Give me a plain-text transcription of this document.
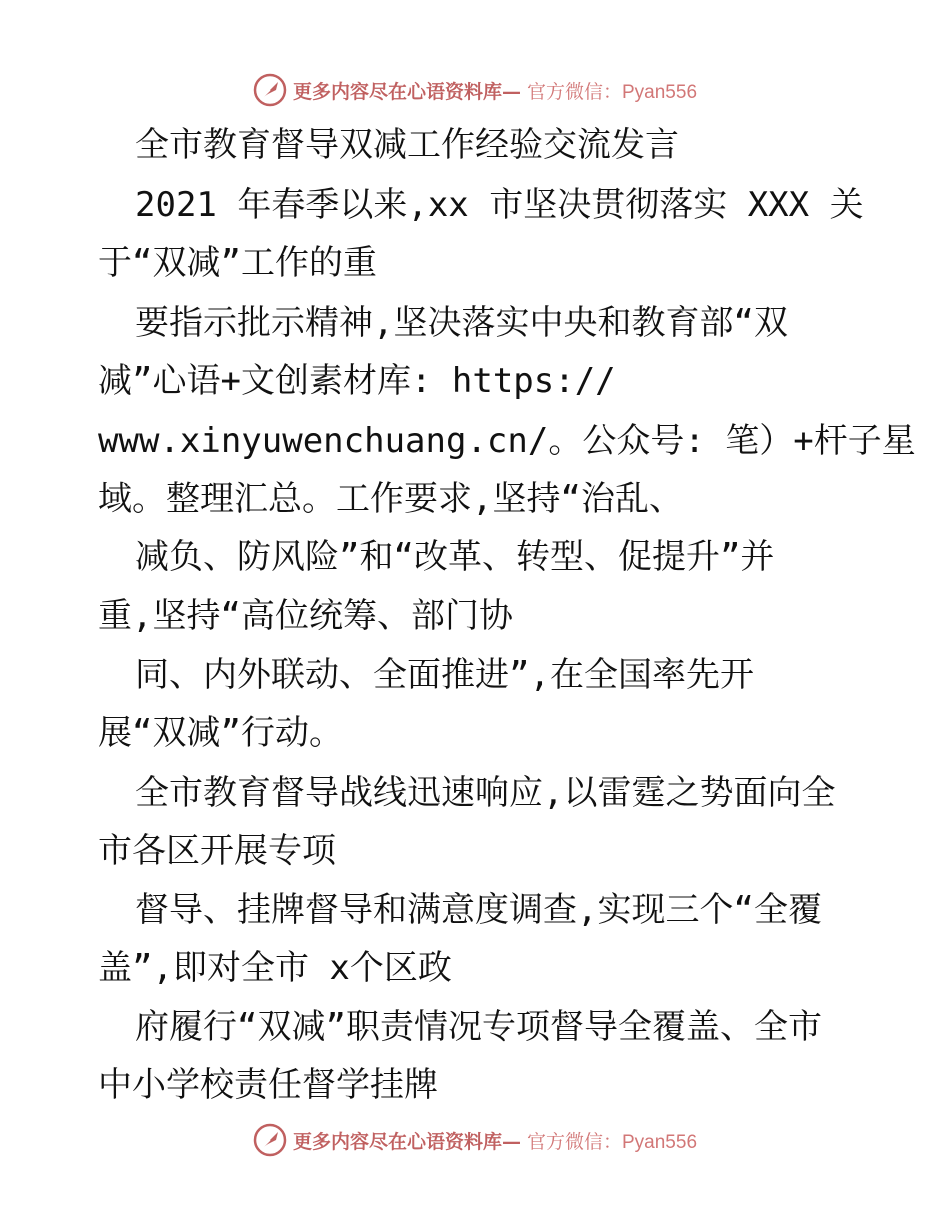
更多内容尽在心语资料库— 官方微信：Pyan556
全市教育督导双减工作经验交流发言
2021 年春季以来,xx 市坚决贯彻落实 XXX 关
于“双减”工作的重
要指示批示精神,坚决落实中央和教育部“双
减”心语+文创素材库: https://
www.xinyuwenchuang.cn/。公众号: 笔）+杆子星
域。整理汇总。工作要求,坚持“治乱、
减负、防风险”和“改革、转型、促提升”并
重,坚持“高位统筹、部门协
同、内外联动、全面推进”,在全国率先开
展“双减”行动。
全市教育督导战线迅速响应,以雷霆之势面向全
市各区开展专项
督导、挂牌督导和满意度调查,实现三个“全覆
盖”,即对全市 x个区政
府履行“双减”职责情况专项督导全覆盖、全市
中小学校责任督学挂牌
更多内容尽在心语资料库— 官方微信：Pyan556
